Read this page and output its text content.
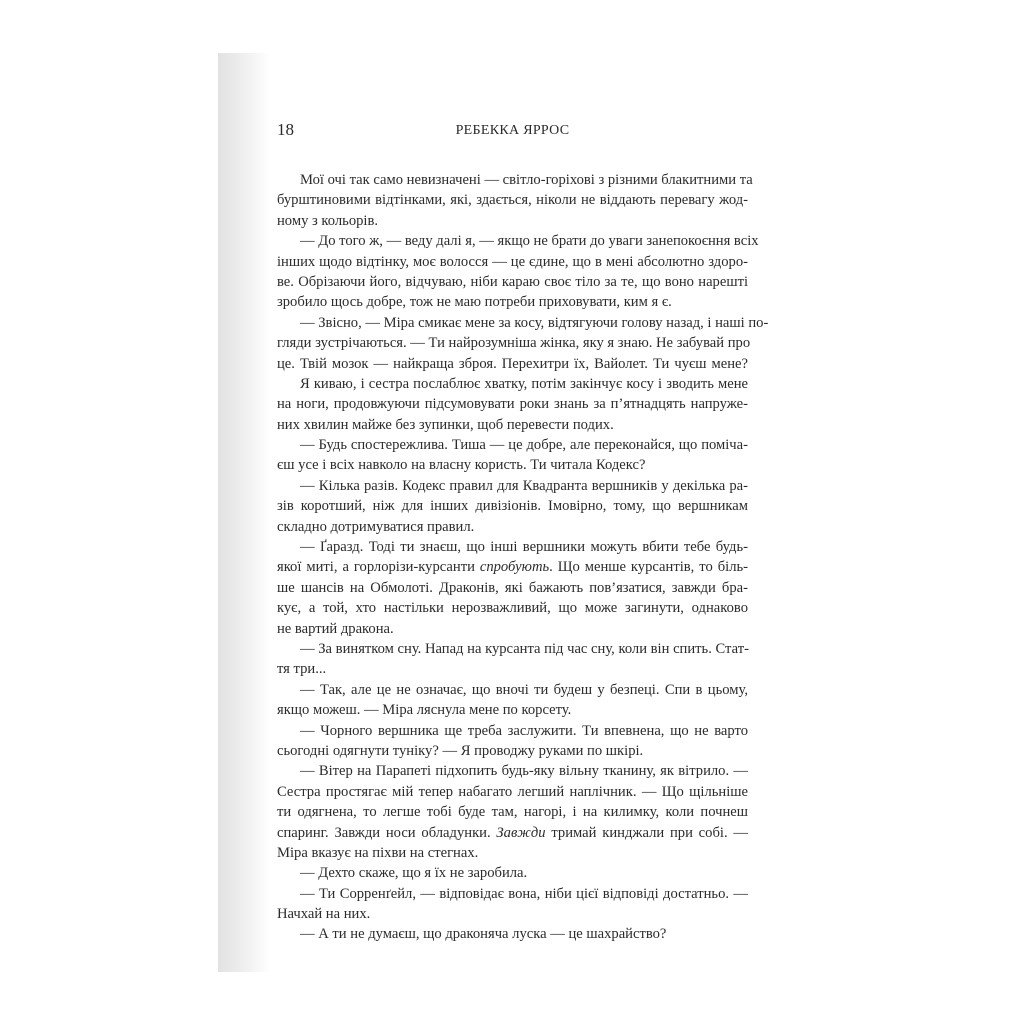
18	РЕБЕККА ЯРРОС
Мої очі так само невизначені — світло-горіхові з різними блакитними та
бурштиновими відтінками, які, здається, ніколи не віддають перевагу жод-
ному з кольорів.
— До того ж, — веду далі я, — якщо не брати до уваги занепокоєння всіх
інших щодо відтінку, моє волосся — це єдине, що в мені абсолютно здоро-
ве. Обрізаючи його, відчуваю, ніби караю своє тіло за те, що воно нарешті
зробило щось добре, тож не маю потреби приховувати, ким я є.
— Звісно, — Міра смикає мене за косу, відтягуючи голову назад, і наші по-
гляди зустрічаються. — Ти найрозумніша жінка, яку я знаю. Не забувай про
це. Твій мозок — найкраща зброя. Перехитри їх, Вайолет. Ти чуєш мене?
Я киваю, і сестра послаблює хватку, потім закінчує косу і зводить мене
на ноги, продовжуючи підсумовувати роки знань за п’ятнадцять напруже-
них хвилин майже без зупинки, щоб перевести подих.
— Будь спостережлива. Тиша — це добре, але переконайся, що поміча-
єш усе і всіх навколо на власну користь. Ти читала Кодекс?
— Кілька разів. Кодекс правил для Квадранта вершників у декілька ра-
зів коротший, ніж для інших дивізіонів. Імовірно, тому, що вершникам
складно дотримуватися правил.
— Ґаразд. Тоді ти знаєш, що інші вершники можуть вбити тебе будь-
якої миті, а горлорізи-курсанти спробують. Що менше курсантів, то біль-
ше шансів на Обмолоті. Драконів, які бажають пов’язатися, завжди бра-
кує, а той, хто настільки нерозважливий, що може загинути, однаково
не вартий дракона.
— За винятком сну. Напад на курсанта під час сну, коли він спить. Стат-
тя три...
— Так, але це не означає, що вночі ти будеш у безпеці. Спи в цьому,
якщо можеш. — Міра ляснула мене по корсету.
— Чорного вершника ще треба заслужити. Ти впевнена, що не варто
сьогодні одягнути туніку? — Я проводжу руками по шкірі.
— Вітер на Парапеті підхопить будь-яку вільну тканину, як вітрило. —
Сестра простягає мій тепер набагато легший наплічник. — Що щільніше
ти одягнена, то легше тобі буде там, нагорі, і на килимку, коли почнеш
спаринг. Завжди носи обладунки. Завжди тримай кинджали при собі. —
Міра вказує на піхви на стегнах.
— Дехто скаже, що я їх не заробила.
— Ти Сорренґейл, — відповідає вона, ніби цієї відповіді достатньо. —
Начхай на них.
— А ти не думаєш, що драконяча луска — це шахрайство?
